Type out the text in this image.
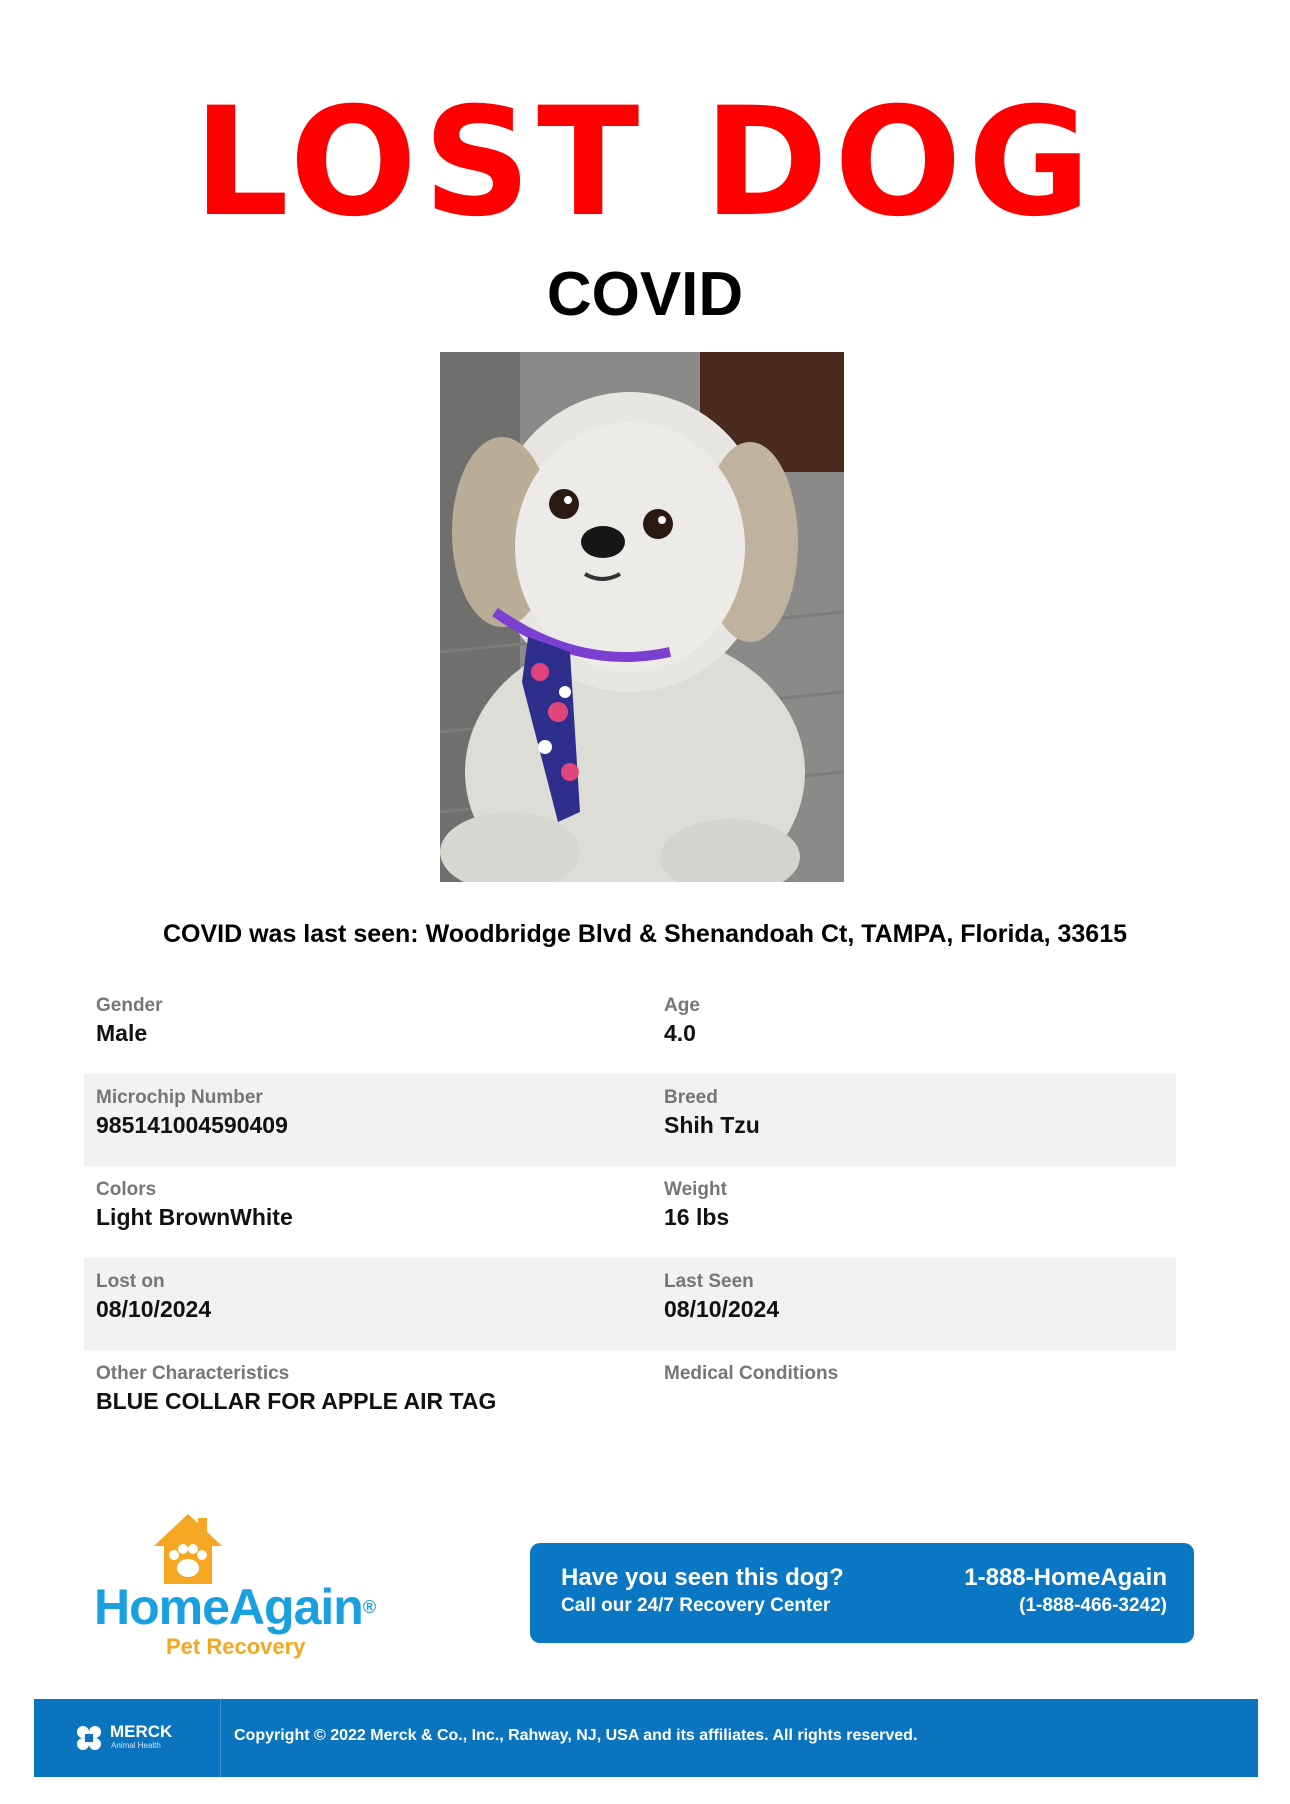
LOST DOG
COVID
COVID was last seen: Woodbridge Blvd & Shenandoah Ct, TAMPA, Florida, 33615
Gender
Male
Age
4.0
Microchip Number
985141004590409
Breed
Shih Tzu
Colors
Light BrownWhite
Weight
16 lbs
Lost on
08/10/2024
Last Seen
08/10/2024
Other Characteristics
BLUE COLLAR FOR APPLE AIR TAG
Medical Conditions
HomeAgain®
Pet Recovery
Have you seen this dog?
Call our 24/7 Recovery Center
1-888-HomeAgain
(1-888-466-3242)
MERCK
Animal Health
Copyright © 2022 Merck & Co., Inc., Rahway, NJ, USA and its affiliates. All rights reserved.
